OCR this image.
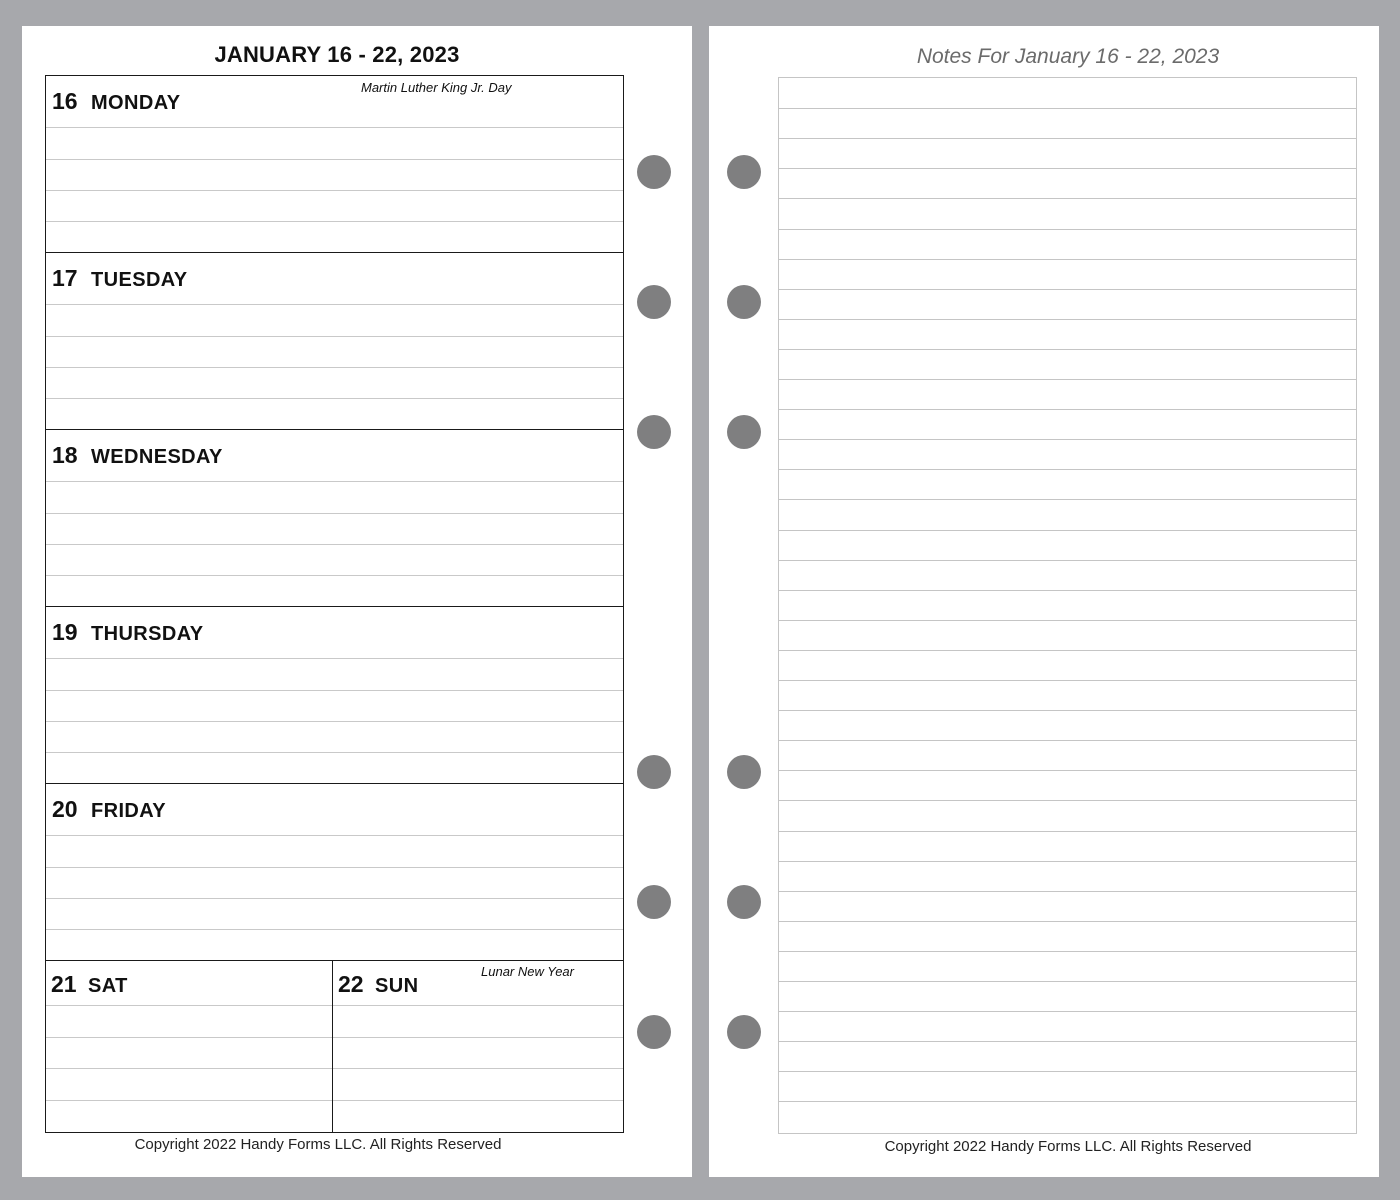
JANUARY 16 - 22, 2023
16 MONDAY
Martin Luther King Jr. Day
17 TUESDAY
18 WEDNESDAY
19 THURSDAY
20 FRIDAY
21 SAT	22 SUN
Lunar New Year
Copyright 2022 Handy Forms LLC. All Rights Reserved
Notes For January 16 - 22, 2023
Copyright 2022 Handy Forms LLC. All Rights Reserved
